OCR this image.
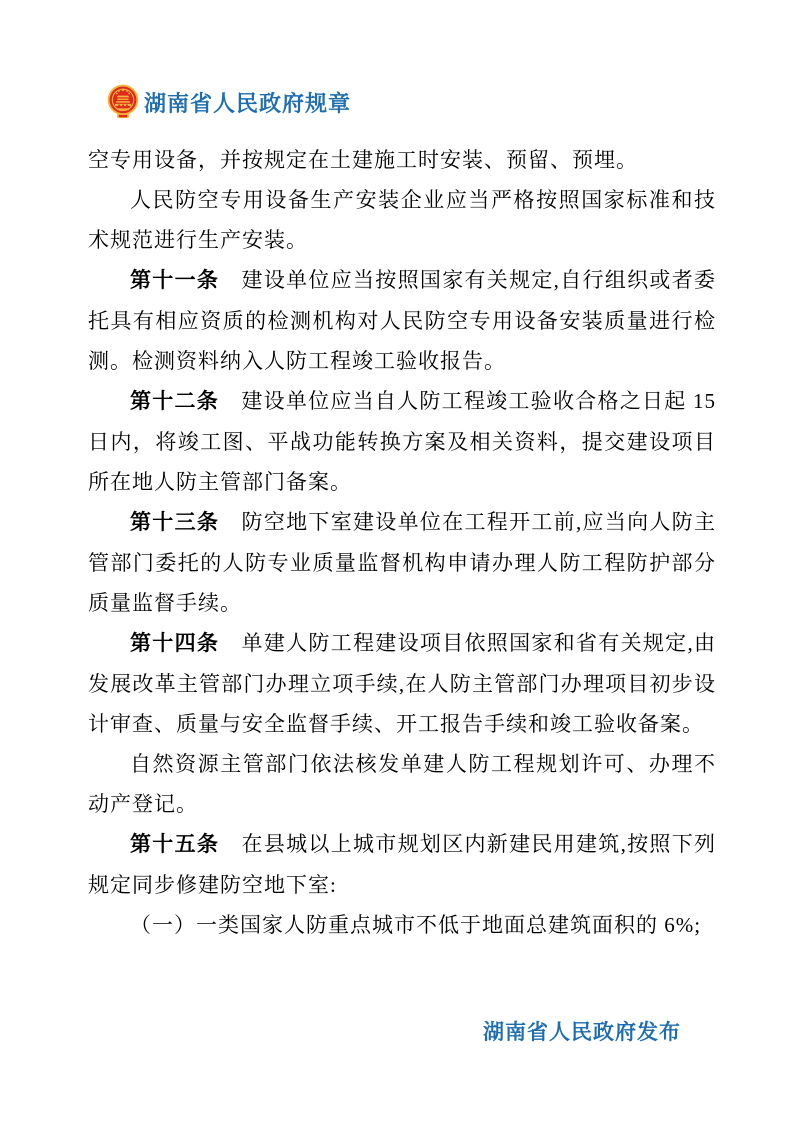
湖南省人民政府规章

空专用设备，并按规定在土建施工时安装、预留、预埋。

人民防空专用设备生产安装企业应当严格按照国家标准和技术规范进行生产安装。

第十一条　 建设单位应当按照国家有关规定,自行组织或者委托具有相应资质的检测机构对人民防空专用设备安装质量进行检测。检测资料纳入人防工程竣工验收报告。

第十二条　 建设单位应当自人防工程竣工验收合格之日起 15 日内，将竣工图、平战功能转换方案及相关资料，提交建设项目所在地人防主管部门备案。

第十三条　 防空地下室建设单位在工程开工前,应当向人防主管部门委托的人防专业质量监督机构申请办理人防工程防护部分质量监督手续。

第十四条　 单建人防工程建设项目依照国家和省有关规定,由发展改革主管部门办理立项手续,在人防主管部门办理项目初步设计审查、质量与安全监督手续、开工报告手续和竣工验收备案。

自然资源主管部门依法核发单建人防工程规划许可、办理不动产登记。

第十五条　 在县城以上城市规划区内新建民用建筑,按照下列规定同步修建防空地下室:

（一）一类国家人防重点城市不低于地面总建筑面积的 6%;

湖南省人民政府发布
